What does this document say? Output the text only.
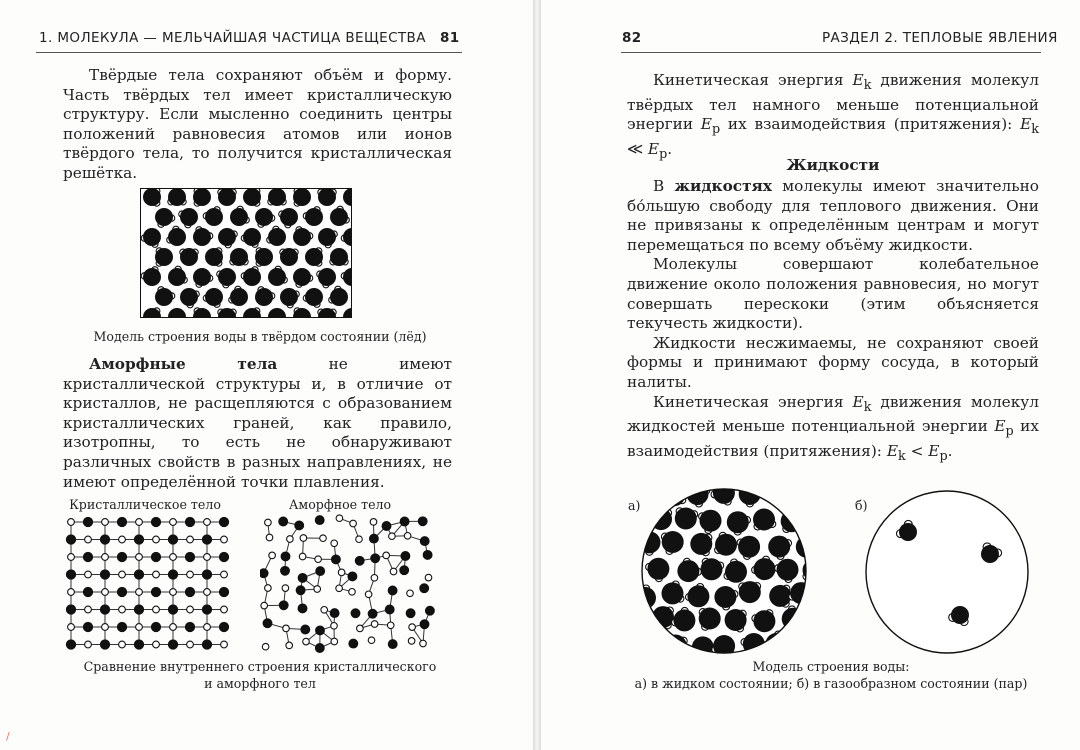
1. МОЛЕКУЛА — МЕЛЬЧАЙШАЯ ЧАСТИЦА ВЕЩЕСТВА 81

Твёрдые тела сохраняют объём и форму. Часть твёрдых тел имеет кристаллическую структуру. Если мысленно соединить центры положений равновесия атомов или ионов твёрдого тела, то получится кристаллическая решётка.

Модель строения воды в твёрдом состоянии (лёд)

Аморфные тела не имеют кристаллической структуры и, в отличие от кристаллов, не расщепляются с образованием кристаллических граней, как правило, изотропны, то есть не обнаруживают различных свойств в разных направлениях, не имеют определённой точки плавления.

Кристаллическое тело	Аморфное тело
Сравнение внутреннего строения кристаллического
и аморфного тел
82	РАЗДЕЛ 2. ТЕПЛОВЫЕ ЯВЛЕНИЯ

Кинетическая энергия $E_k$ движения молекул твёрдых тел намного меньше потенциальной энергии $E_p$ их взаимодействия (притяжения): $E_k$ ≪ $E_p$.

Жидкости

В жидкостях молекулы имеют значительно бо́льшую свободу для теплового движения. Они не привязаны к определённым центрам и могут перемещаться по всему объёму жидкости.

Молекулы совершают колебательное движение около положения равновесия, но могут совершать перескоки (этим объясняется текучесть жидкости).

Жидкости несжимаемы, не сохраняют своей формы и принимают форму сосуда, в который налиты.

Кинетическая энергия $E_k$ движения молекул жидкостей меньше потенциальной энергии $E_p$ их взаимодействия (притяжения): $E_k < E_p$.

а)	б)
Модель строения воды:
а) в жидком состоянии; б) в газообразном состоянии (пар)
/
